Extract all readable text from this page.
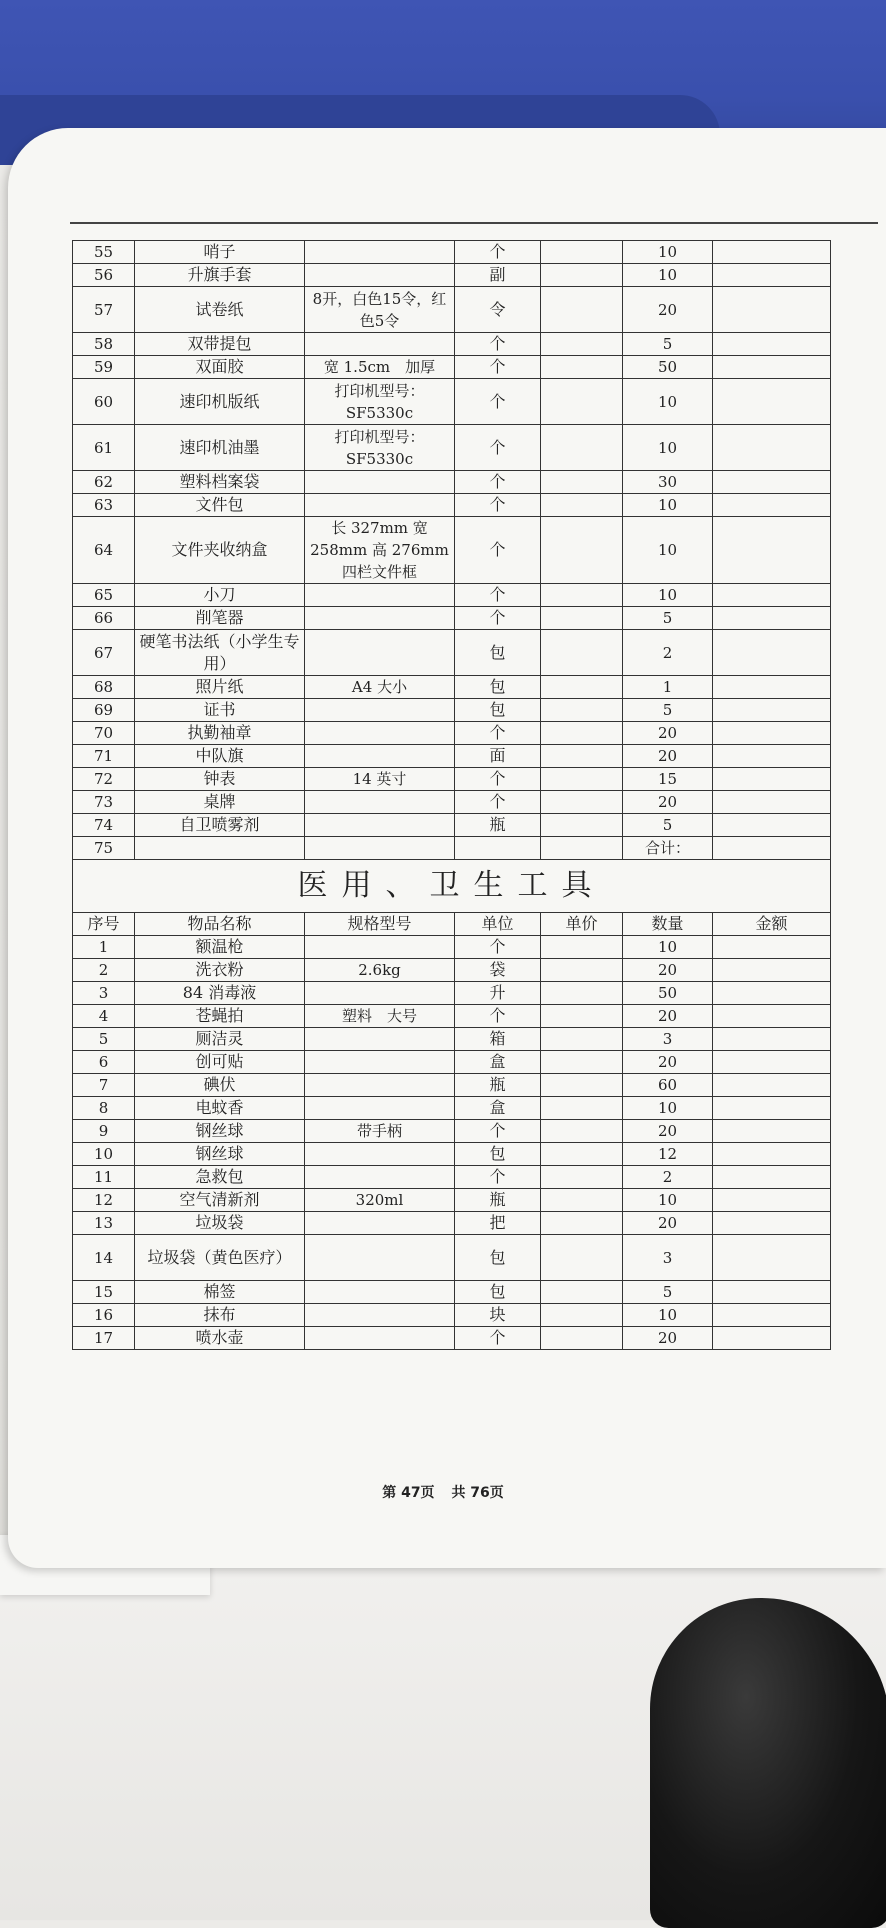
55	哨子		个		10	
56	升旗手套		副		10	
57	试卷纸	8开，白色15令，红色5令	令		20	
58	双带提包		个		5	
59	双面胶	宽 1.5cm　加厚	个		50	
60	速印机版纸	打印机型号：SF5330c	个		10	
61	速印机油墨	打印机型号：SF5330c	个		10	
62	塑料档案袋		个		30	
63	文件包		个		10	
64	文件夹收纳盒	长 327mm 宽 258mm 高 276mm 四栏文件框	个		10	
65	小刀		个		10	
66	削笔器		个		5	
67	硬笔书法纸（小学生专用）		包		2	
68	照片纸	A4 大小	包		1	
69	证书		包		5	
70	执勤袖章		个		20	
71	中队旗		面		20	
72	钟表	14 英寸	个		15	
73	桌牌		个		20	
74	自卫喷雾剂		瓶		5	
75					合计：	
医用、卫生工具						
序号	物品名称	规格型号	单位	单价	数量	金额
1	额温枪		个		10	
2	洗衣粉	2.6kg	袋		20	
3	84 消毒液		升		50	
4	苍蝇拍	塑料　大号	个		20	
5	厕洁灵		箱		3	
6	创可贴		盒		20	
7	碘伏		瓶		60	
8	电蚊香		盒		10	
9	钢丝球	带手柄	个		20	
10	钢丝球		包		12	
11	急救包		个		2	
12	空气清新剂	320ml	瓶		10	
13	垃圾袋		把		20	
14	垃圾袋（黄色医疗）		包		3	
15	棉签		包		5	
16	抹布		块		10	
17	喷水壶		个		20	
第 47页 共 76页
